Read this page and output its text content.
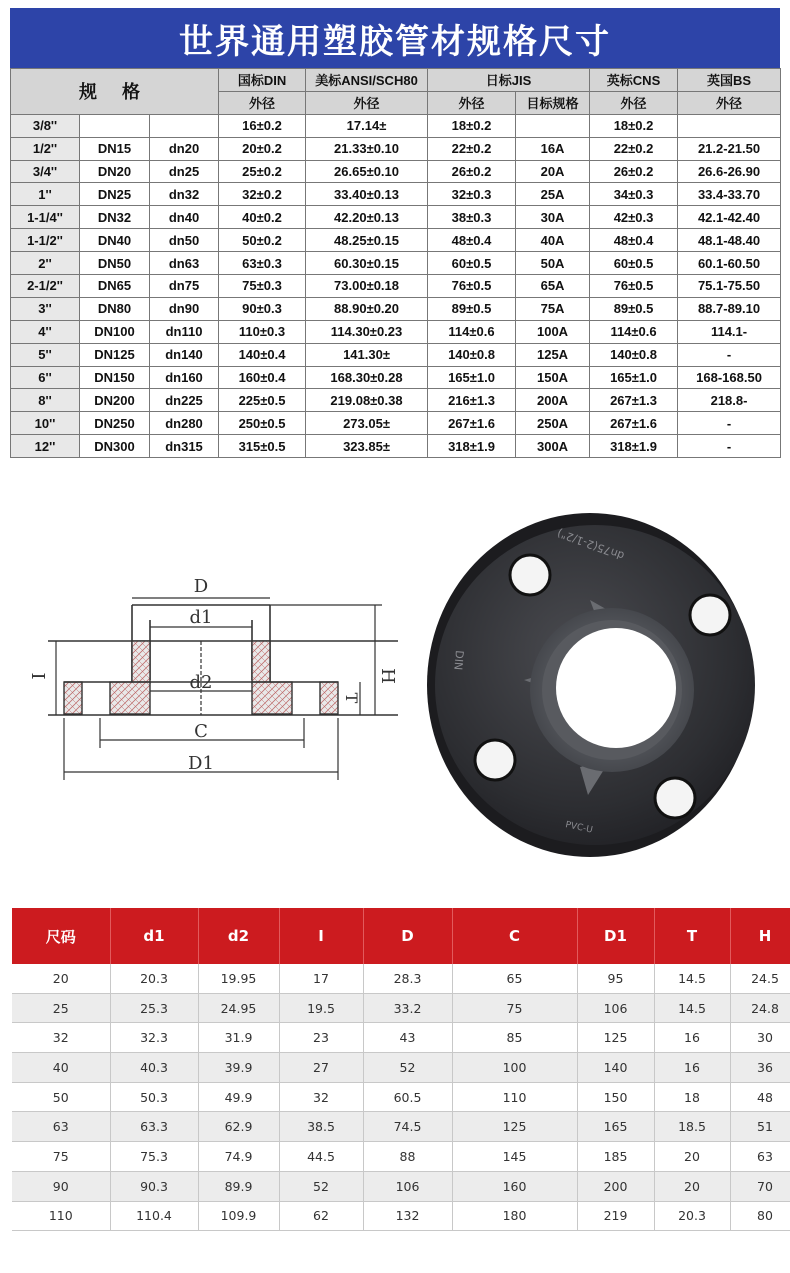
世界通用塑胶管材规格尺寸
规 格			国标DIN	美标ANSI/SCH80	日标JIS		英标CNS	英国BS
			外径	外径	外径	目标规格	外径	外径
3/8''			16±0.2	17.14±	18±0.2		18±0.2	
1/2''	DN15	dn20	20±0.2	21.33±0.10	22±0.2	16A	22±0.2	21.2-21.50
3/4''	DN20	dn25	25±0.2	26.65±0.10	26±0.2	20A	26±0.2	26.6-26.90
1''	DN25	dn32	32±0.2	33.40±0.13	32±0.3	25A	34±0.3	33.4-33.70
1-1/4''	DN32	dn40	40±0.2	42.20±0.13	38±0.3	30A	42±0.3	42.1-42.40
1-1/2''	DN40	dn50	50±0.2	48.25±0.15	48±0.4	40A	48±0.4	48.1-48.40
2''	DN50	dn63	63±0.3	60.30±0.15	60±0.5	50A	60±0.5	60.1-60.50
2-1/2''	DN65	dn75	75±0.3	73.00±0.18	76±0.5	65A	76±0.5	75.1-75.50
3''	DN80	dn90	90±0.3	88.90±0.20	89±0.5	75A	89±0.5	88.7-89.10
4''	DN100	dn110	110±0.3	114.30±0.23	114±0.6	100A	114±0.6	114.1-
5''	DN125	dn140	140±0.4	141.30±	140±0.8	125A	140±0.8	-
6''	DN150	dn160	160±0.4	168.30±0.28	165±1.0	150A	165±1.0	168-168.50
8''	DN200	dn225	225±0.5	219.08±0.38	216±1.3	200A	267±1.3	218.8-
10''	DN250	dn280	250±0.5	273.05±	267±1.6	250A	267±1.6	-
12''	DN300	dn315	315±0.5	323.85±	318±1.9	300A	318±1.9	-
D
d1
d2
C
D1
I	H
T
dn75(2-1/2")
DIN
PVC-U
尺码	d1	d2	I	D	C	D1	T	H
20	20.3	19.95	17	28.3	65	95	14.5	24.5
25	25.3	24.95	19.5	33.2	75	106	14.5	24.8
32	32.3	31.9	23	43	85	125	16	30
40	40.3	39.9	27	52	100	140	16	36
50	50.3	49.9	32	60.5	110	150	18	48
63	63.3	62.9	38.5	74.5	125	165	18.5	51
75	75.3	74.9	44.5	88	145	185	20	63
90	90.3	89.9	52	106	160	200	20	70
110	110.4	109.9	62	132	180	219	20.3	80
